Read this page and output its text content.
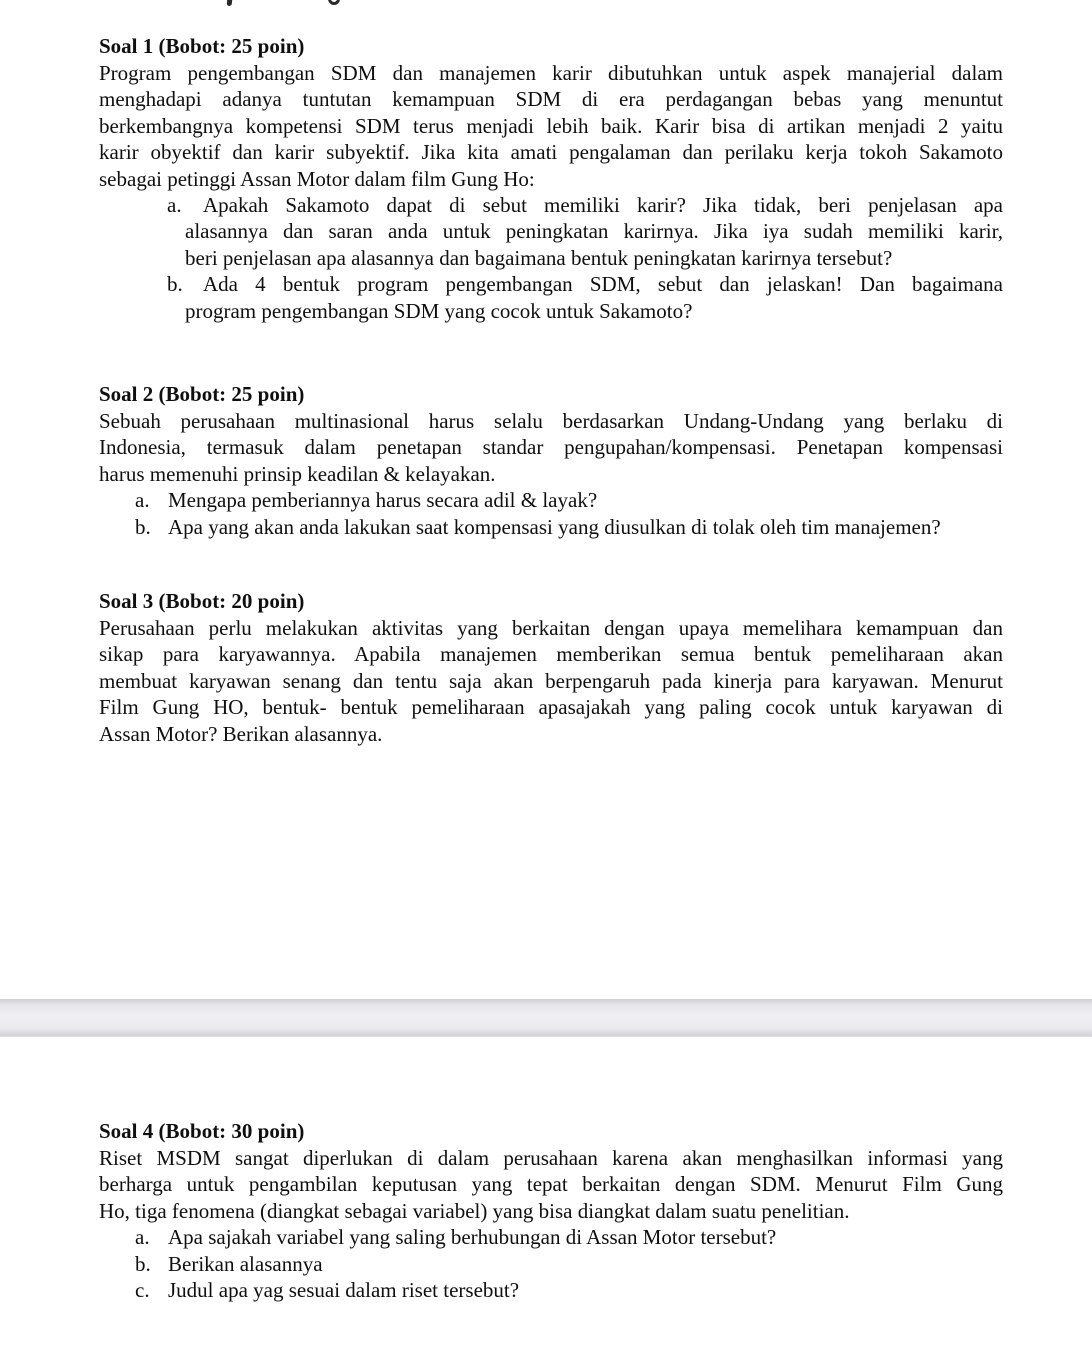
Soal 1 (Bobot: 25 poin)
Program pengembangan SDM dan manajemen karir dibutuhkan untuk aspek manajerial dalam
menghadapi adanya tuntutan kemampuan SDM di era perdagangan bebas yang menuntut
berkembangnya kompetensi SDM terus menjadi lebih baik. Karir bisa di artikan menjadi 2 yaitu
karir obyektif dan karir subyektif. Jika kita amati pengalaman dan perilaku kerja tokoh Sakamoto
sebagai petinggi Assan Motor dalam film Gung Ho:
a.	Apakah Sakamoto dapat di sebut memiliki karir? Jika tidak, beri penjelasan apa
alasannya dan saran anda untuk peningkatan karirnya. Jika iya sudah memiliki karir,
beri penjelasan apa alasannya dan bagaimana bentuk peningkatan karirnya tersebut?
b. Ada 4 bentuk program pengembangan SDM, sebut dan jelaskan! Dan bagaimana
program pengembangan SDM yang cocok untuk Sakamoto?
Soal 2 (Bobot: 25 poin)
Sebuah perusahaan multinasional harus selalu berdasarkan Undang-Undang yang berlaku di
Indonesia, termasuk dalam penetapan standar pengupahan/kompensasi. Penetapan kompensasi
harus memenuhi prinsip keadilan & kelayakan.
a. Mengapa pemberiannya harus secara adil & layak?
b. Apa yang akan anda lakukan saat kompensasi yang diusulkan di tolak oleh tim manajemen?
Soal 3 (Bobot: 20 poin)
Perusahaan perlu melakukan aktivitas yang berkaitan dengan upaya memelihara kemampuan dan
sikap para karyawannya. Apabila manajemen memberikan semua bentuk pemeliharaan akan
membuat karyawan senang dan tentu saja akan berpengaruh pada kinerja para karyawan. Menurut
Film Gung HO, bentuk- bentuk pemeliharaan apasajakah yang paling cocok untuk karyawan di
Assan Motor? Berikan alasannya.
Soal 4 (Bobot: 30 poin)
Riset MSDM sangat diperlukan di dalam perusahaan karena akan menghasilkan informasi yang
berharga untuk pengambilan keputusan yang tepat berkaitan dengan SDM. Menurut Film Gung
Ho, tiga fenomena (diangkat sebagai variabel) yang bisa diangkat dalam suatu penelitian.
a. Apa sajakah variabel yang saling berhubungan di Assan Motor tersebut?
b. Berikan alasannya
c. Judul apa yag sesuai dalam riset tersebut?
